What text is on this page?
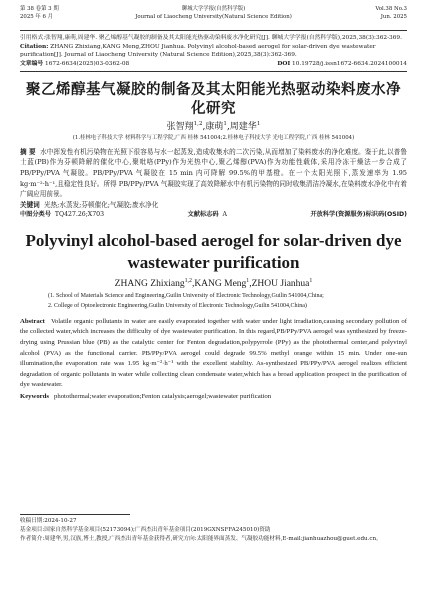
第 38 卷第 3 期
2025 年 6 月
聊城大学学报(自然科学版)
Journal of Liaocheng University(Natural Science Edition)
Vol.38 No.3
Jun. 2025
引用格式:张智翔,康萌,周建华. 聚乙烯醇基气凝胶的制备及其太阳能光热驱动染料废水净化研究[J]. 聊城大学学报(自然科学版),2025,38(3):362-369.
Citation: ZHANG Zhixiang,KANG Meng,ZHOU Jianhua. Polyvinyl alcohol-based aerogel for solar-driven dye wastewater purification[J]. Journal of Liaocheng University (Natural Science Edition),2025,38(3):362-369.
文章编号 1672-6634(2025)03-0362-08	DOI 10.19728/j.issn1672-6634.2024100014
聚乙烯醇基气凝胶的制备及其太阳能光热驱动染料废水净化研究
张智翔$^{1,2}$,康萌$^1$,周建华$^1$
(1.桂林电子科技大学 材料科学与工程学院,广西 桂林 541004;2.桂林电子科技大学 光电工程学院,广西 桂林 541004)
摘 要 水中挥发性有机污染物在光照下很容易与水一起蒸发,造成收集水的二次污染,从而增加了染料废水的净化难度。鉴于此,以普鲁士蓝(PB)作为芬顿降解的催化中心,聚吡咯(PPy)作为光热中心,聚乙烯醇(PVA)作为功能性载体,采用冷冻干燥法一步合成了 PB/PPy/PVA 气凝胶。PB/PPy/PVA 气凝胶在 15 min 内可降解 99.5%的甲基橙。在一个太阳光照下,蒸发速率为 1.95 kg·m⁻²·h⁻¹,且稳定性良好。所得 PB/PPy/PVA 气凝胶实现了高效降解水中有机污染物的同时收集清洁冷凝水,在染料废水净化中有着广阔应用前景。
关键词 光热;水蒸发;芬顿催化;气凝胶;废水净化
中图分类号 TQ427.26;X703	文献标志码 A	开放科学(资源服务)标识码(OSID)
Polyvinyl alcohol-based aerogel for solar-driven dye wastewater purification
ZHANG Zhixiang$^{1,2}$,KANG Meng$^1$,ZHOU Jianhua$^1$
(1. School of Materials Science and Engineering,Guilin University of Electronic Technology,Guilin 541004,China;
2. College of Optoelectronic Engineering,Guilin University of Electronic Technology,Guilin 541004,China)
Abstract Volatile organic pollutants in water are easily evaporated together with water under light irradiation,causing secondary pollution of the collected water,which increases the difficulty of dye wastewater purification. In this regard,PB/PPy/PVA aerogel was synthesized by freeze-drying using Prussian blue (PB) as the catalytic center for Fenton degradation,polypyrrole (PPy) as the photothermal center,and polyvinyl alcohol (PVA) as the functional carrier. PB/PPy/PVA aerogel could degrade 99.5% methyl orange within 15 min. Under one-sun illumination,the evaporation rate was 1.95 kg·m⁻²·h⁻¹ with the excellent stability. As-synthesized PB/PPy/PVA aerogel realizes efficient degradation of organic pollutants in water while collecting clean condensate water,which has a broad application prospect in the purification of dye wastewater.
Keywords photothermal;water evaporation;Fenton catalysis;aerogel;wastewater purification
收稿日期:2024-10-27
基金项目:国家自然科学基金项目(52173094);广西杰出青年基金项目(2019GXNSFFA245010)资助
作者简介:周建华,男,汉族,博士,教授,广西杰出青年基金获得者,研究方向:太阳能界面蒸发、气凝胶功能材料,E-mail:jianhuazhou@guet.edu.cn。
